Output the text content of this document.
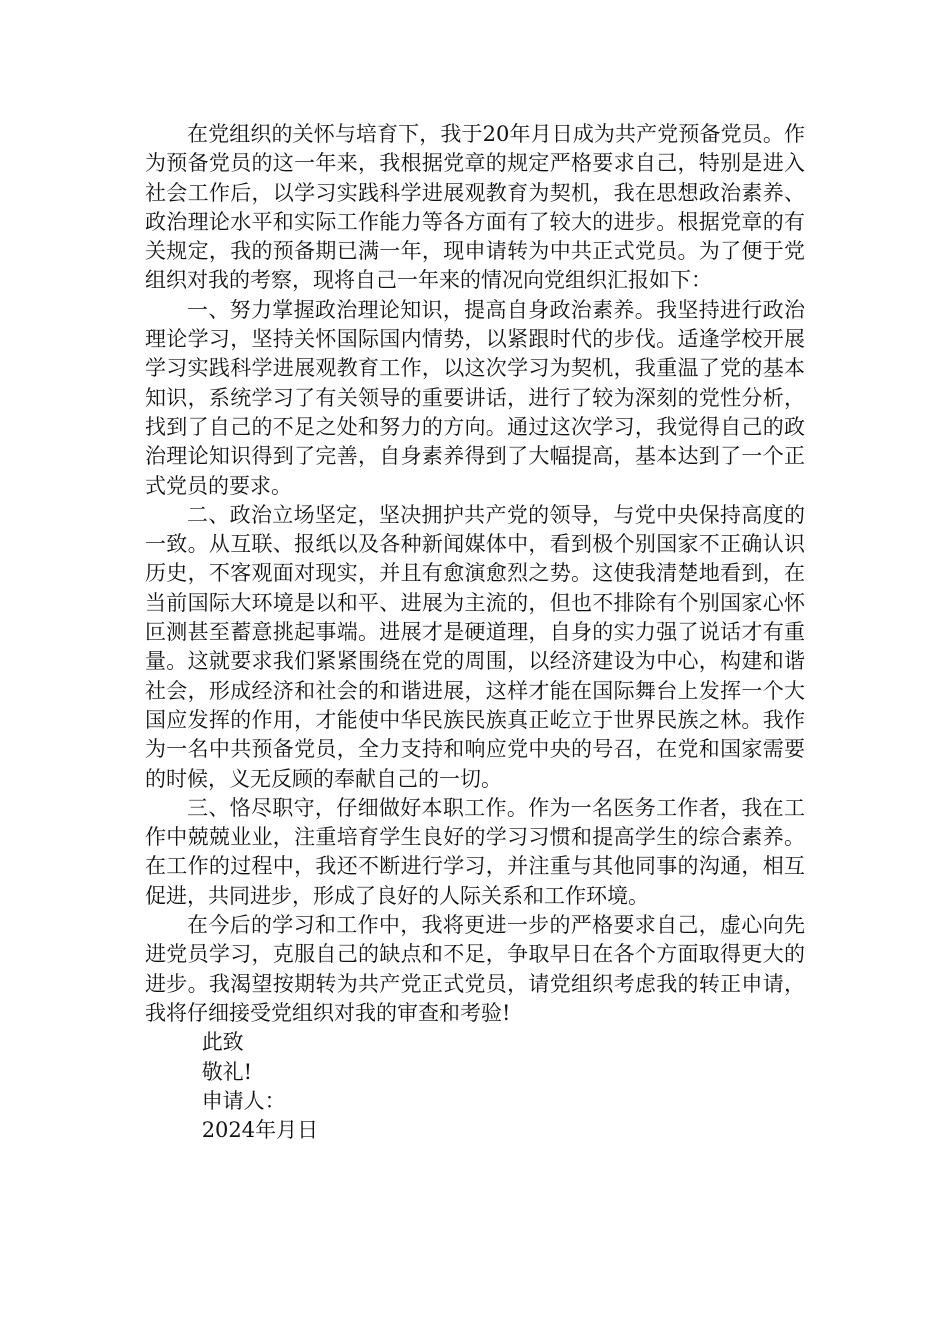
在党组织的关怀与培育下，我于20年月日成为共产党预备党员。作为预备党员的这一年来，我根据党章的规定严格要求自己，特别是进入社会工作后，以学习实践科学进展观教育为契机，我在思想政治素养、政治理论水平和实际工作能力等各方面有了较大的进步。根据党章的有关规定，我的预备期已满一年，现申请转为中共正式党员。为了便于党组织对我的考察，现将自己一年来的情况向党组织汇报如下：

一、努力掌握政治理论知识，提高自身政治素养。我坚持进行政治理论学习，坚持关怀国际国内情势，以紧跟时代的步伐。适逢学校开展学习实践科学进展观教育工作，以这次学习为契机，我重温了党的基本知识，系统学习了有关领导的重要讲话，进行了较为深刻的党性分析，找到了自己的不足之处和努力的方向。通过这次学习，我觉得自己的政治理论知识得到了完善，自身素养得到了大幅提高，基本达到了一个正式党员的要求。

二、政治立场坚定，坚决拥护共产党的领导，与党中央保持高度的一致。从互联、报纸以及各种新闻媒体中，看到极个别国家不正确认识历史，不客观面对现实，并且有愈演愈烈之势。这使我清楚地看到，在当前国际大环境是以和平、进展为主流的，但也不排除有个别国家心怀叵测甚至蓄意挑起事端。进展才是硬道理，自身的实力强了说话才有重量。这就要求我们紧紧围绕在党的周围，以经济建设为中心，构建和谐社会，形成经济和社会的和谐进展，这样才能在国际舞台上发挥一个大国应发挥的作用，才能使中华民族民族真正屹立于世界民族之林。我作为一名中共预备党员，全力支持和响应党中央的号召，在党和国家需要的时候，义无反顾的奉献自己的一切。

三、恪尽职守，仔细做好本职工作。作为一名医务工作者，我在工作中兢兢业业，注重培育学生良好的学习习惯和提高学生的综合素养。在工作的过程中，我还不断进行学习，并注重与其他同事的沟通，相互促进，共同进步，形成了良好的人际关系和工作环境。

在今后的学习和工作中，我将更进一步的严格要求自己，虚心向先进党员学习，克服自己的缺点和不足，争取早日在各个方面取得更大的进步。我渴望按期转为共产党正式党员，请党组织考虑我的转正申请，我将仔细接受党组织对我的审查和考验!

此致

敬礼!

申请人：

2024年月日
